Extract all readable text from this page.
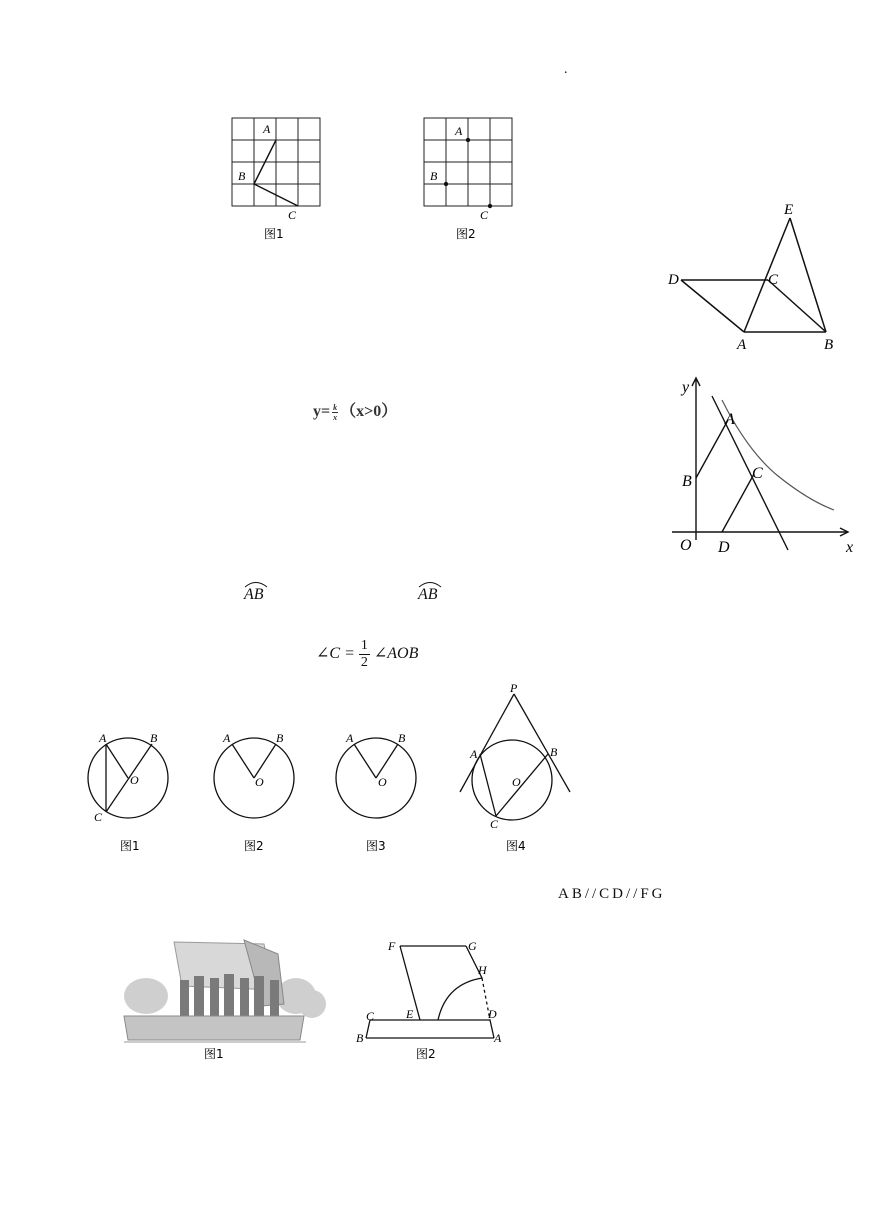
.
A
B
C
图1
A
B
C
图2
E
D	C
A	B
$y= \frac{k}{x} (x>0)$
y
A
B	C
O D	x
AB	AB
∠C = $\frac{1}{2}$ ∠AOB
A	B
O
C
图1
A	B
O
图2
A	B
O
图3
P
A	B
O
C
图4
AB//CD//FG
图1
F	G
H
C	E	D
B	A
图2
